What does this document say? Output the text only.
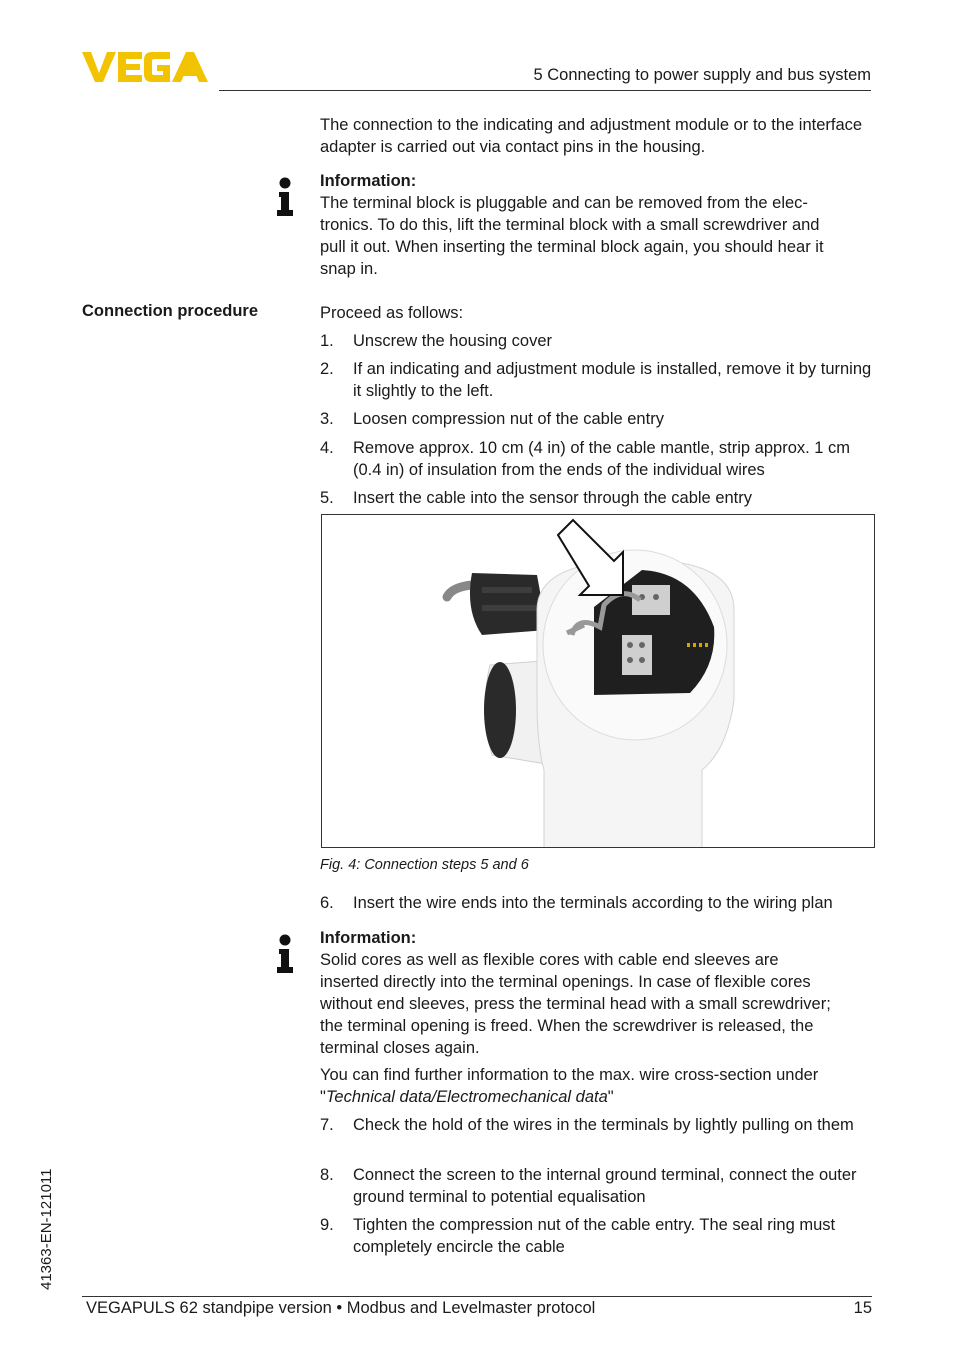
5 Connecting to power supply and bus system
The connection to the indicating and adjustment module or to the interface adapter is carried out via contact pins in the housing.
Information:
The terminal block is pluggable and can be removed from the elec-
tronics. To do this, lift the terminal block with a small screwdriver and
pull it out. When inserting the terminal block again, you should hear it
snap in.
Connection procedure	Proceed as follows:
1. Unscrew the housing cover
2. If an indicating and adjustment module is installed, remove it by turning it slightly to the left.
3. Loosen compression nut of the cable entry
4. Remove approx. 10 cm (4 in) of the cable mantle, strip approx. 1 cm (0.4 in) of insulation from the ends of the individual wires
5. Insert the cable into the sensor through the cable entry
Fig. 4: Connection steps 5 and 6
6. Insert the wire ends into the terminals according to the wiring plan
Information:
Solid cores as well as flexible cores with cable end sleeves are
inserted directly into the terminal openings. In case of flexible cores
without end sleeves, press the terminal head with a small screwdriver;
the terminal opening is freed. When the screwdriver is released, the
terminal closes again.
You can find further information to the max. wire cross-section under
"Technical data/Electromechanical data"
7. Check the hold of the wires in the terminals by lightly pulling on them
8. Connect the screen to the internal ground terminal, connect the outer ground terminal to potential equalisation
9. Tighten the compression nut of the cable entry. The seal ring must completely encircle the cable
41363-EN-121011
VEGAPULS 62 standpipe version • Modbus and Levelmaster protocol	15
